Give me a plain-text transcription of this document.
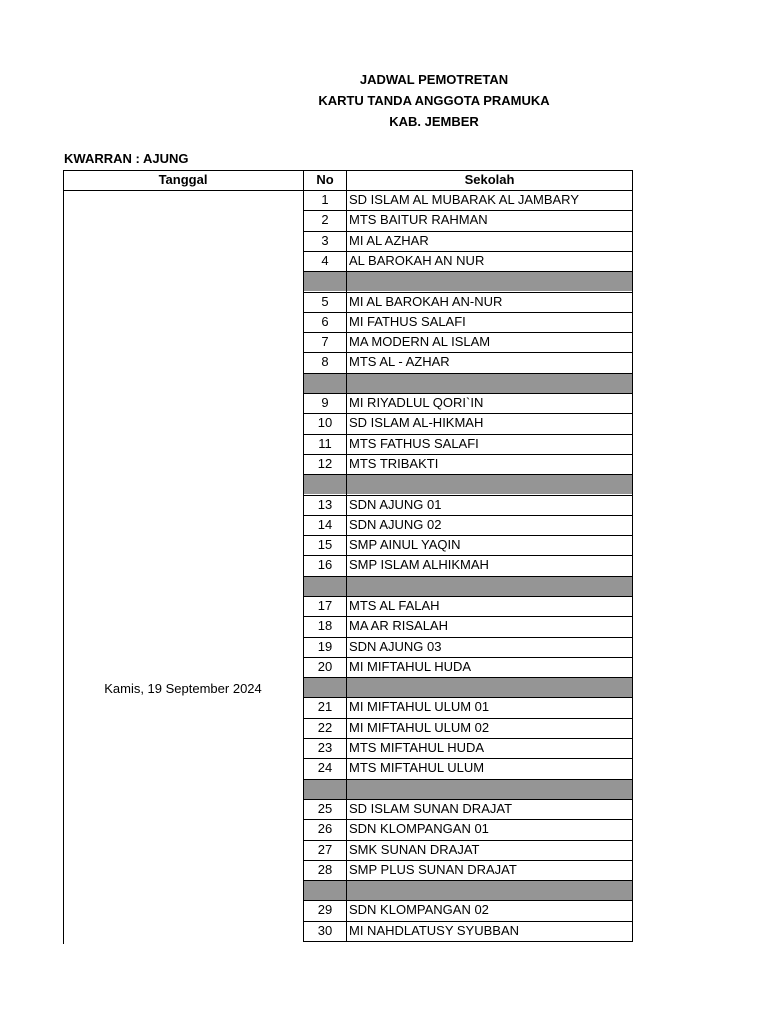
JADWAL PEMOTRETAN
KARTU TANDA ANGGOTA PRAMUKA
KAB. JEMBER
KWARRAN : AJUNG
Tanggal	No	Sekolah
Kamis, 19 September 2024
1	SD ISLAM AL MUBARAK AL JAMBARY
2	MTS BAITUR RAHMAN
3	MI AL AZHAR
4	AL BAROKAH AN NUR
5	MI AL BAROKAH AN-NUR
6	MI FATHUS SALAFI
7	MA MODERN AL ISLAM
8	MTS AL - AZHAR
9	MI RIYADLUL QORI`IN
10	SD ISLAM AL-HIKMAH
11	MTS FATHUS SALAFI
12	MTS TRIBAKTI
13	SDN AJUNG 01
14	SDN AJUNG 02
15	SMP AINUL YAQIN
16	SMP ISLAM ALHIKMAH
17	MTS AL FALAH
18	MA AR RISALAH
19	SDN AJUNG 03
20	MI MIFTAHUL HUDA
21	MI MIFTAHUL ULUM 01
22	MI MIFTAHUL ULUM 02
23	MTS MIFTAHUL HUDA
24	MTS MIFTAHUL ULUM
25	SD ISLAM SUNAN DRAJAT
26	SDN KLOMPANGAN 01
27	SMK SUNAN DRAJAT
28	SMP PLUS SUNAN DRAJAT
29	SDN KLOMPANGAN 02
30	MI NAHDLATUSY SYUBBAN
